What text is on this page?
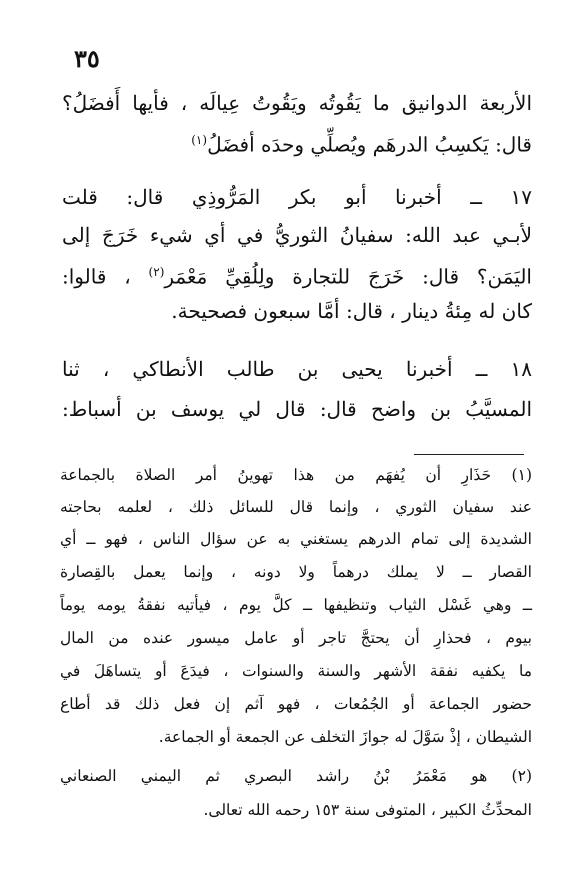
٣٥
الأربعة الدوانيق ما يَقُوتُه ويَقُوتُ عِيالَه ، فأيها أَفضَلُ؟
قال: يَكسِبُ الدرهَم ويُصلِّي وحدَه أفضَلُ$^{(١)}$
١٧ ــ أخبرنا أبو بكر المَرُّوذِي قال: قلت
لأبـي عبد الله: سفيانُ الثوريُّ في أي شيء خَرَجَ إلى
اليَمَن؟ قال: خَرَجَ للتجارة ولِلُقِيِّ مَعْمَر$^{(٢)}$ ، قالوا:
كان له مِئةُ دينار ، قال: أمَّا سبعون فصحيحة.
١٨ ــ أخبرنا يحيى بن طالب الأنطاكي ، ثنا
المسيَّبُ بن واضح قال: قال لي يوسف بن أسباط:
(١) حَذَارِ أن يُفهَم من هذا تهوينُ أمر الصلاة بالجماعة
عند سفيان الثوري ، وإنما قال للسائل ذلك ، لعلمه بحاجته
الشديدة إلى تمام الدرهم يستغني به عن سؤال الناس ، فهو ــ أي
القصار ــ لا يملك درهماً ولا دونه ، وإنما يعمل بالقِصارة
ــ وهي غَسْل الثياب وتنظيفها ــ كلَّ يوم ، فيأتيه نفقةُ يومه يوماً
بيوم ، فحذارِ أن يحتجَّ تاجر أو عامل ميسور عنده من المال
ما يكفيه نفقة الأشهر والسنة والسنوات ، فيدَعَ أو يتساهَلَ في
حضور الجماعة أو الجُمُعات ، فهو آثم إن فعل ذلك قد أطاع
الشيطان ، إذْ سَوَّلَ له جوازَ التخلف عن الجمعة أو الجماعة.
(٢) هو مَعْمَرُ بْنُ راشد البصري ثم اليمني الصنعاني
المحدِّثُ الكبير ، المتوفى سنة ١٥٣ رحمه الله تعالى.
